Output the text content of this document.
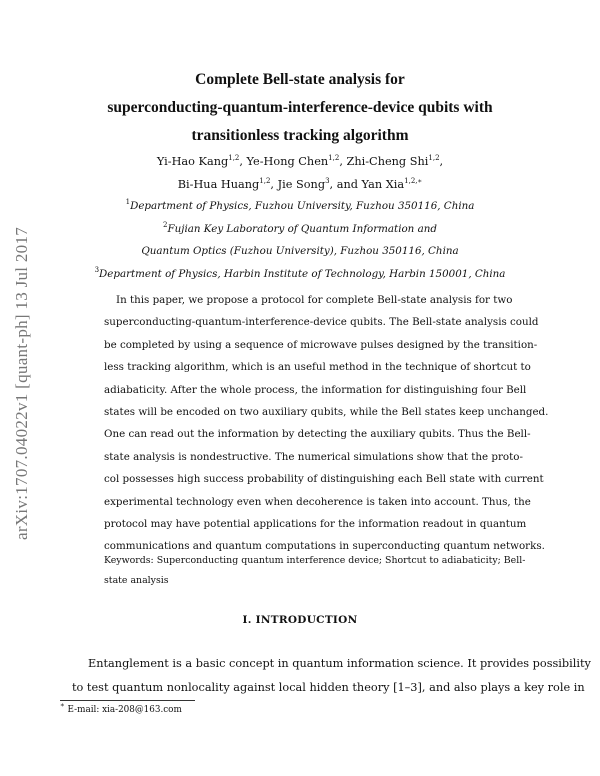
arXiv:1707.04022v1 [quant-ph] 13 Jul 2017
Complete Bell-state analysis for
superconducting-quantum-interference-device qubits with
transitionless tracking algorithm
Yi-Hao Kang$^{1,2}$, Ye-Hong Chen$^{1,2}$, Zhi-Cheng Shi$^{1,2}$,
Bi-Hua Huang$^{1,2}$, Jie Song$^3$, and Yan Xia$^{1,2,∗}$
$^1$Department of Physics, Fuzhou University, Fuzhou 350116, China
$^2$Fujian Key Laboratory of Quantum Information and
Quantum Optics (Fuzhou University), Fuzhou 350116, China
$^3$Department of Physics, Harbin Institute of Technology, Harbin 150001, China
In this paper, we propose a protocol for complete Bell-state analysis for two
superconducting-quantum-interference-device qubits. The Bell-state analysis could
be completed by using a sequence of microwave pulses designed by the transition-
less tracking algorithm, which is an useful method in the technique of shortcut to
adiabaticity. After the whole process, the information for distinguishing four Bell
states will be encoded on two auxiliary qubits, while the Bell states keep unchanged.
One can read out the information by detecting the auxiliary qubits. Thus the Bell-
state analysis is nondestructive. The numerical simulations show that the proto-
col possesses high success probability of distinguishing each Bell state with current
experimental technology even when decoherence is taken into account. Thus, the
protocol may have potential applications for the information readout in quantum
communications and quantum computations in superconducting quantum networks.
Keywords: Superconducting quantum interference device; Shortcut to adiabaticity; Bell-
state analysis
I. INTRODUCTION
Entanglement is a basic concept in quantum information science. It provides possibility
to test quantum nonlocality against local hidden theory [1–3], and also plays a key role in
∗ E-mail: xia-208@163.com
